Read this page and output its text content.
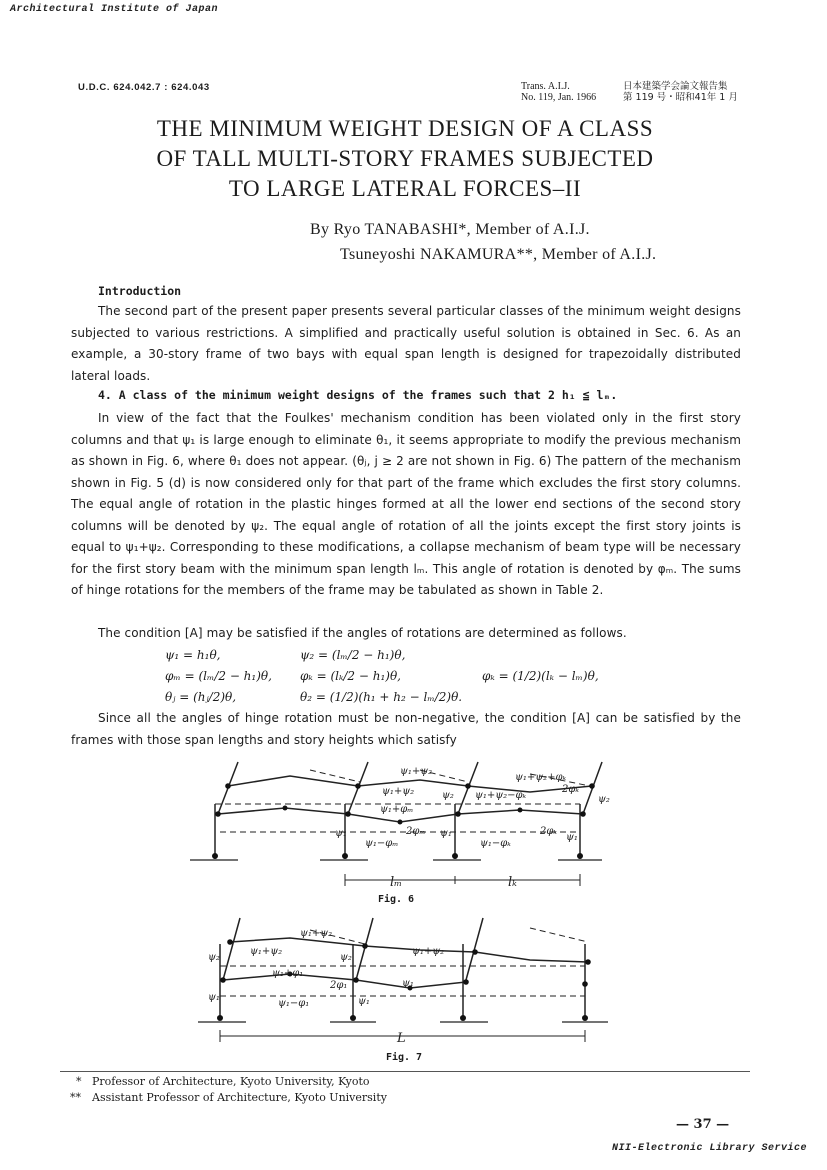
Architectural Institute of Japan
U.D.C. 624.042.7 : 624.043	Trans. A.I.J.
No. 119, Jan. 1966
日本建築学会論文報告集
第 119 号・昭和41年 1 月
THE MINIMUM WEIGHT DESIGN OF A CLASS
OF TALL MULTI-STORY FRAMES SUBJECTED
TO LARGE LATERAL FORCES–II
By Ryo TANABASHI*, Member of A.I.J.
Tsuneyoshi NAKAMURA**, Member of A.I.J.
Introduction
The second part of the present paper presents several particular classes of the minimum weight designs subjected to various restrictions. A simplified and practically useful solution is obtained in Sec. 6. As an example, a 30-story frame of two bays with equal span length is designed for trapezoidally distributed lateral loads.
4. A class of the minimum weight designs of the frames such that 2 h₁ ≦ lₘ.
In view of the fact that the Foulkes' mechanism condition has been violated only in the first story columns and that ψ₁ is large enough to eliminate θ₁, it seems appropriate to modify the previous mechanism as shown in Fig. 6, where θ₁ does not appear. (θⱼ, j ≥ 2 are not shown in Fig. 6) The pattern of the mechanism shown in Fig. 5 (d) is now considered only for that part of the frame which excludes the first story columns. The equal angle of rotation in the plastic hinges formed at all the lower end sections of the second story columns will be denoted by ψ₂. The equal angle of rotation of all the joints except the first story joints is equal to ψ₁+ψ₂. Corresponding to these modifications, a collapse mechanism of beam type will be necessary for the first story beam with the minimum span length lₘ. This angle of rotation is denoted by φₘ. The sums of hinge rotations for the members of the frame may be tabulated as shown in Table 2.
The condition [A] may be satisfied if the angles of rotations are determined as follows.
ψ₁ = h₁θ,	ψ₂ = (lₘ/2 − h₁)θ,
φₘ = (lₘ/2 − h₁)θ, φₖ = (lₖ/2 − h₁)θ,	φₖ = (1/2)(lₖ − lₘ)θ,
θⱼ = (hⱼ/2)θ,	θ₂ = (1/2)(h₁ + h₂ − lₘ/2)θ.
Since all the angles of hinge rotation must be non-negative, the condition [A] can be satisfied by the frames with those span lengths and story heights which satisfy
ψ₁+ψ₂
ψ₁+ψ₂	ψ₂	ψ₂
ψ₁+ψ₂−φₖ
ψ₁+ψ₂+φₖ
2φₖ
ψ₁+φₘ
2φₘ
ψ₁−φₘ	ψ₁−φₖ
2φₖ
ψ₁	ψ₁	ψ₁
lₘ	lₖ
Fig. 6
ψ₁+ψ₂
ψ₁+ψ₂	ψ₁+ψ₂
ψ₂	ψ₂
ψ₁+φ₁
2φ₁	ψ₁
ψ₁
ψ₁−φ₁	ψ₁
L
Fig. 7
* Professor of Architecture, Kyoto University, Kyoto
** Assistant Professor of Architecture, Kyoto University
— 37 —
NII-Electronic Library Service
